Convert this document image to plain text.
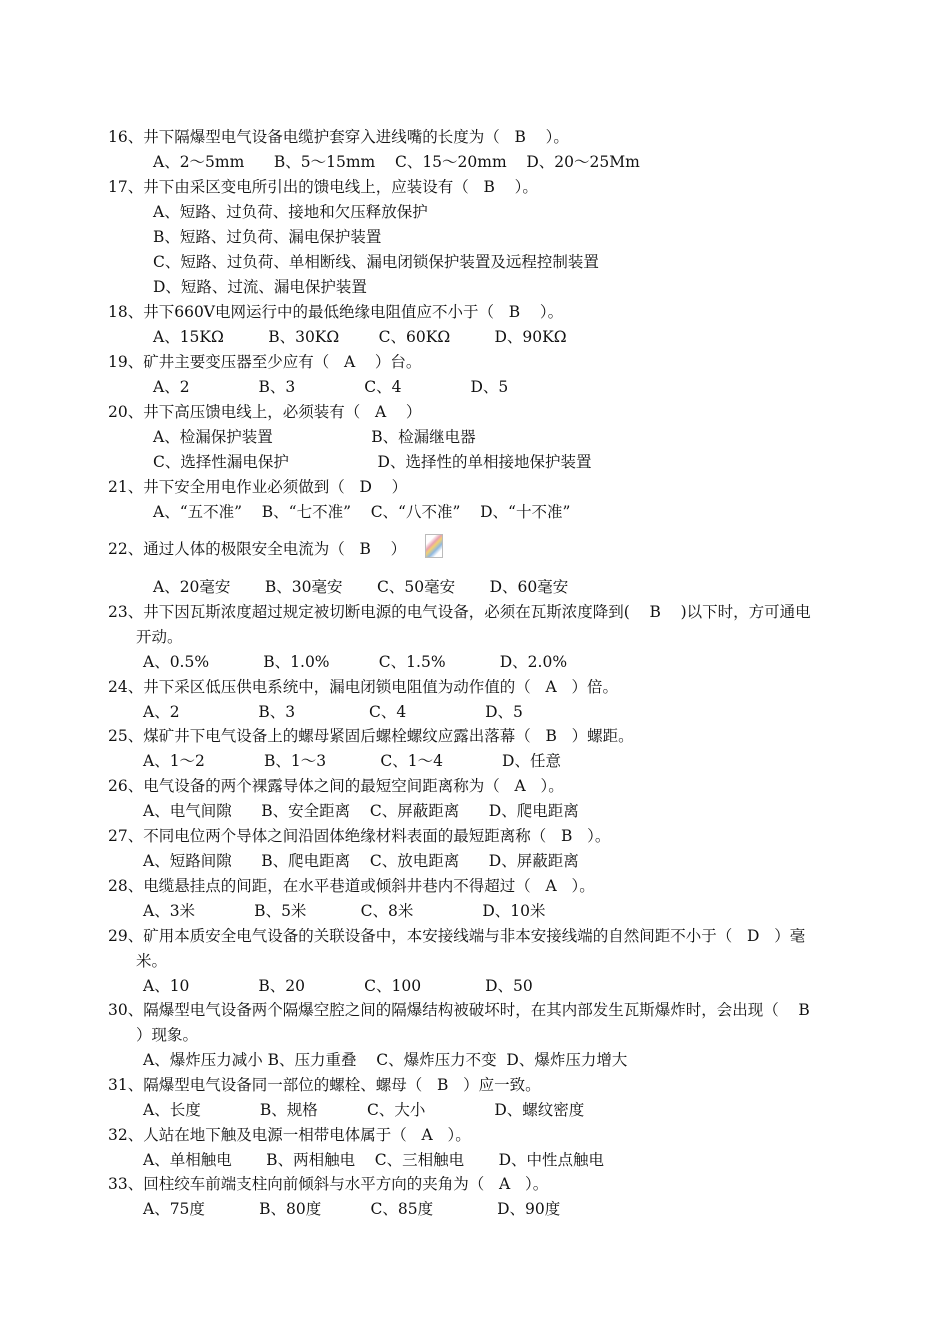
16、井下隔爆型电气设备电缆护套穿入进线嘴的长度为（   B    ）。
A、2～5mm      B、5～15mm    C、15～20mm    D、20～25Mm
17、井下由采区变电所引出的馈电线上，应装设有（   B    ）。
A、短路、过负荷、接地和欠压释放保护
B、短路、过负荷、漏电保护装置
C、短路、过负荷、单相断线、漏电闭锁保护装置及远程控制装置
D、短路、过流、漏电保护装置
18、井下660V电网运行中的最低绝缘电阻值应不小于（   B    ）。
A、15KΩ         B、30KΩ        C、60KΩ         D、90KΩ
19、矿井主要变压器至少应有（   A    ）台。
A、2              B、3              C、4              D、5
20、井下高压馈电线上，必须装有（   A    ）
A、检漏保护装置                    B、检漏继电器
C、选择性漏电保护                  D、选择性的单相接地保护装置
21、井下安全用电作业必须做到（   D    ）
A、“五不准”    B、“七不准”    C、“八不准”    D、“十不准”
22、通过人体的极限安全电流为（   B    ）
A、20毫安       B、30毫安       C、50毫安       D、60毫安
23、井下因瓦斯浓度超过规定被切断电源的电气设备，必须在瓦斯浓度降到(    B    )以下时，方可通电
开动。
A、0.5%           B、1.0%          C、1.5%           D、2.0%
24、井下采区低压供电系统中，漏电闭锁电阻值为动作值的（   A   ）倍。
A、2                B、3               C、4                D、5
25、煤矿井下电气设备上的螺母紧固后螺栓螺纹应露出落幕（   B   ）螺距。
A、1～2            B、1～3           C、1～4            D、任意
26、电气设备的两个裸露导体之间的最短空间距离称为（   A   ）。
A、电气间隙      B、安全距离    C、屏蔽距离      D、爬电距离
27、不同电位两个导体之间沿固体绝缘材料表面的最短距离称（   B   ）。
A、短路间隙      B、爬电距离    C、放电距离      D、屏蔽距离
28、电缆悬挂点的间距，在水平巷道或倾斜井巷内不得超过（   A   ）。
A、3米            B、5米           C、8米              D、10米
29、矿用本质安全电气设备的关联设备中，本安接线端与非本安接线端的自然间距不小于（   D   ）毫
米。
A、10              B、20            C、100             D、50
30、隔爆型电气设备两个隔爆空腔之间的隔爆结构被破坏时，在其内部发生瓦斯爆炸时，会出现（    B
）现象。
A、爆炸压力减小 B、压力重叠    C、爆炸压力不变  D、爆炸压力增大
31、隔爆型电气设备同一部位的螺栓、螺母（   B   ）应一致。
A、长度            B、规格          C、大小              D、螺纹密度
32、人站在地下触及电源一相带电体属于（   A   ）。
A、单相触电       B、两相触电    C、三相触电       D、中性点触电
33、回柱绞车前端支柱向前倾斜与水平方向的夹角为（   A   ）。
A、75度           B、80度          C、85度             D、90度
